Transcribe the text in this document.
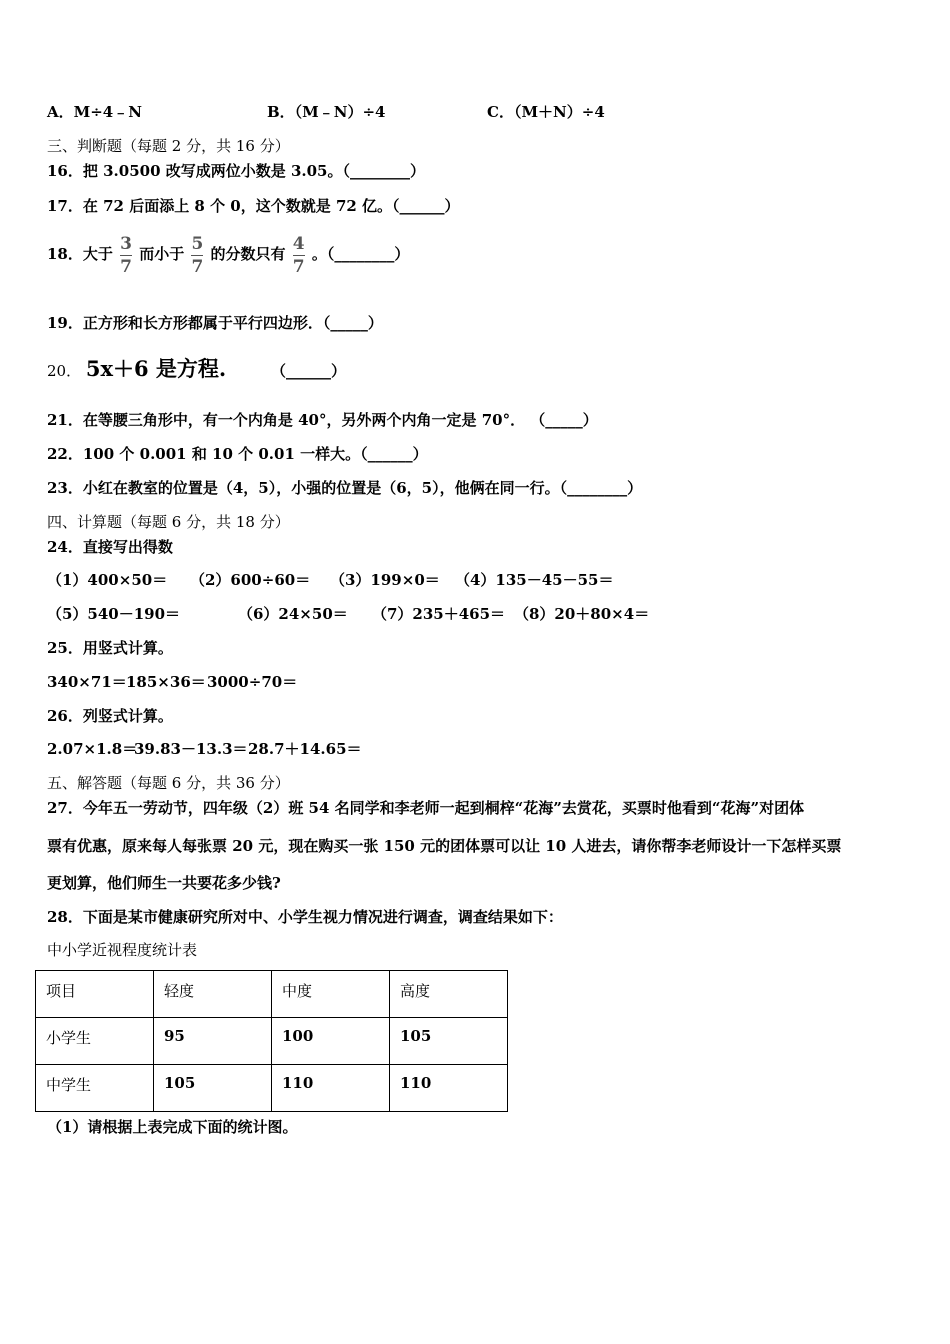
A．M÷4﹣N	B．（M﹣N）÷4	C．（M＋N）÷4
三、判断题（每题 2 分，共 16 分）
16．把 3.0500 改写成两位小数是 3.05。（________）
17．在 72 后面添上 8 个 0，这个数就是 72 亿。（______）
18．大于 $\frac{3}{7}$ 而小于 $\frac{5}{7}$ 的分数只有 $\frac{4}{7}$ 。（________）
19．正方形和长方形都属于平行四边形．（_____）
20． 5x＋6 是方程.	（______）
21．在等腰三角形中，有一个内角是 40°，另外两个内角一定是 70°． （_____）
22．100 个 0.001 和 10 个 0.01 一样大。（______）
23．小红在教室的位置是（4，5），小强的位置是（6，5），他俩在同一行。（________）
四、计算题（每题 6 分，共 18 分）
24．直接写出得数
（1）400×50＝ （2）600÷60＝ （3）199×0＝ （4）135－45－55＝
（5）540－190＝	（6）24×50＝ （7）235＋465＝ （8）20＋80×4＝
25．用竖式计算。
340×71＝ 185×36＝ 3000÷70＝
26．列竖式计算。
2.07×1.8＝
39.83－13.3＝ 28.7＋14.65＝
五、解答题（每题 6 分，共 36 分）
27．今年五一劳动节，四年级（2）班 54 名同学和李老师一起到桐梓“花海”去赏花，买票时他看到“花海”对团体
票有优惠，原来每人每张票 20 元，现在购买一张 150 元的团体票可以让 10 人进去，请你帮李老师设计一下怎样买票
更划算，他们师生一共要花多少钱?
28．下面是某市健康研究所对中、小学生视力情况进行调查，调查结果如下：
中小学近视程度统计表
项目	轻度	中度	高度
小学生	95	100	105
中学生	105	110	110
（1）请根据上表完成下面的统计图。
